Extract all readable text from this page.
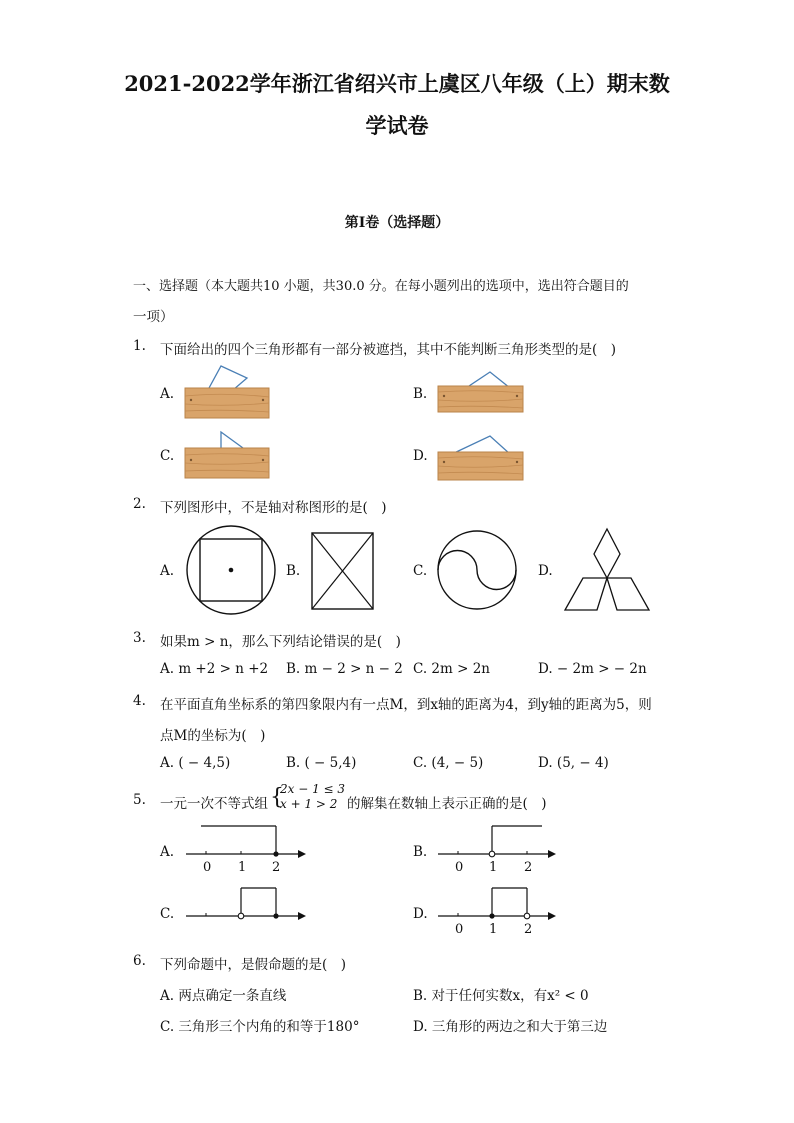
2021-2022学年浙江省绍兴市上虞区八年级（上）期末数
学试卷
第I卷（选择题）
一、选择题（本大题共10 小题，共30.0 分。在每小题列出的选项中，选出符合题目的
一项）
1. 下面给出的四个三角形都有一部分被遮挡，其中不能判断三角形类型的是(　)
A.	B.
C.	D.
2. 下列图形中，不是轴对称图形的是(　)
A.	B.	C.	D.
3. 如果m > n，那么下列结论错误的是(　)
A. m +2 > n +2 B. m − 2 > n − 2 C. 2m > 2n	D. − 2m > − 2n
4. 在平面直角坐标系的第四象限内有一点M，到x轴的距离为4，到y轴的距离为5，则
点M的坐标为(　)
A. ( − 4,5)	B. ( − 5,4)	C. (4, − 5)	D. (5, − 4)
5. 一元一次不等式组 {
2x − 1 ≤ 3
x + 1 > 2 的解集在数轴上表示正确的是(　)
A.	B.
C.	D.
0 1 2	0 1 2
0 1 2
6. 下列命题中，是假命题的是(　)
A. 两点确定一条直线	B. 对于任何实数x，有x² < 0
C. 三角形三个内角的和等于180°	D. 三角形的两边之和大于第三边
